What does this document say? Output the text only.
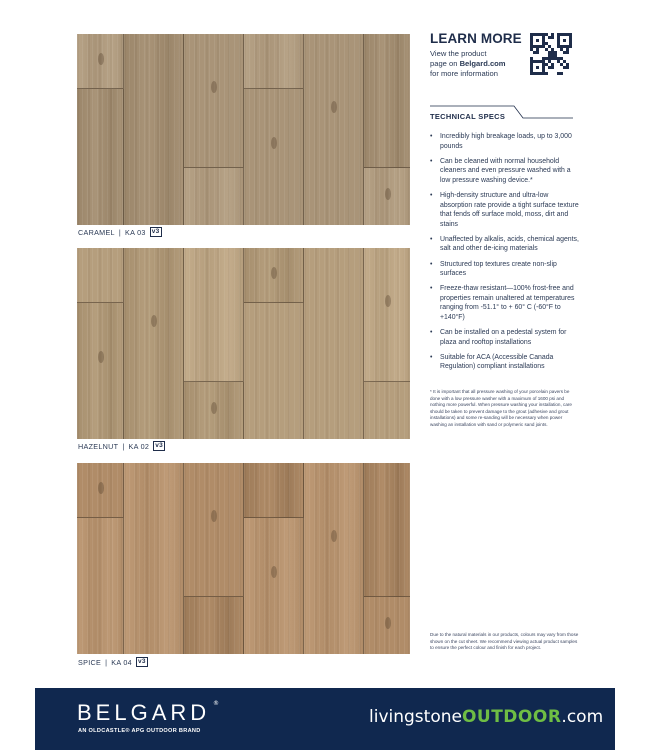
CARAMEL | KA 03 v3
HAZELNUT | KA 02 v3
SPICE | KA 04 v3
LEARN MORE
View the product
page on Belgard.com
for more information
TECHNICAL SPECS
• Incredibly high breakage loads, up to 3,000 pounds
• Can be cleaned with normal household cleaners and even pressure washed with a low pressure washing device.*
• High-density structure and ultra-low absorption rate provide a tight surface texture that fends off surface mold, moss, dirt and stains
• Unaffected by alkalis, acids, chemical agents, salt and other de-icing materials
• Structured top textures create non-slip surfaces
• Freeze-thaw resistant—100% frost-free and properties remain unaltered at temperatures ranging from -51.1° to + 60° C (-60°F to +140°F)
• Can be installed on a pedestal system for plaza and rooftop installations
• Suitable for ACA (Accessible Canada Regulation) compliant installations
* It is important that all pressure washing of your porcelain pavers be done with a low pressure washer with a maximum of 1600 psi and nothing more powerful. When pressure washing your installation, care should be taken to prevent damage to the grout (adhesive and grout installations) and some re-sanding will be necessary when power washing an installation with sand or polymeric sand joints.
Due to the natural materials in our products, colours may vary from those shown on the cut sheet. We recommend viewing actual product samples to ensure the perfect colour and finish for each project.
BELGARD ®
AN OLDCASTLE® APG OUTDOOR BRAND
livingstoneOUTDOOR.com
